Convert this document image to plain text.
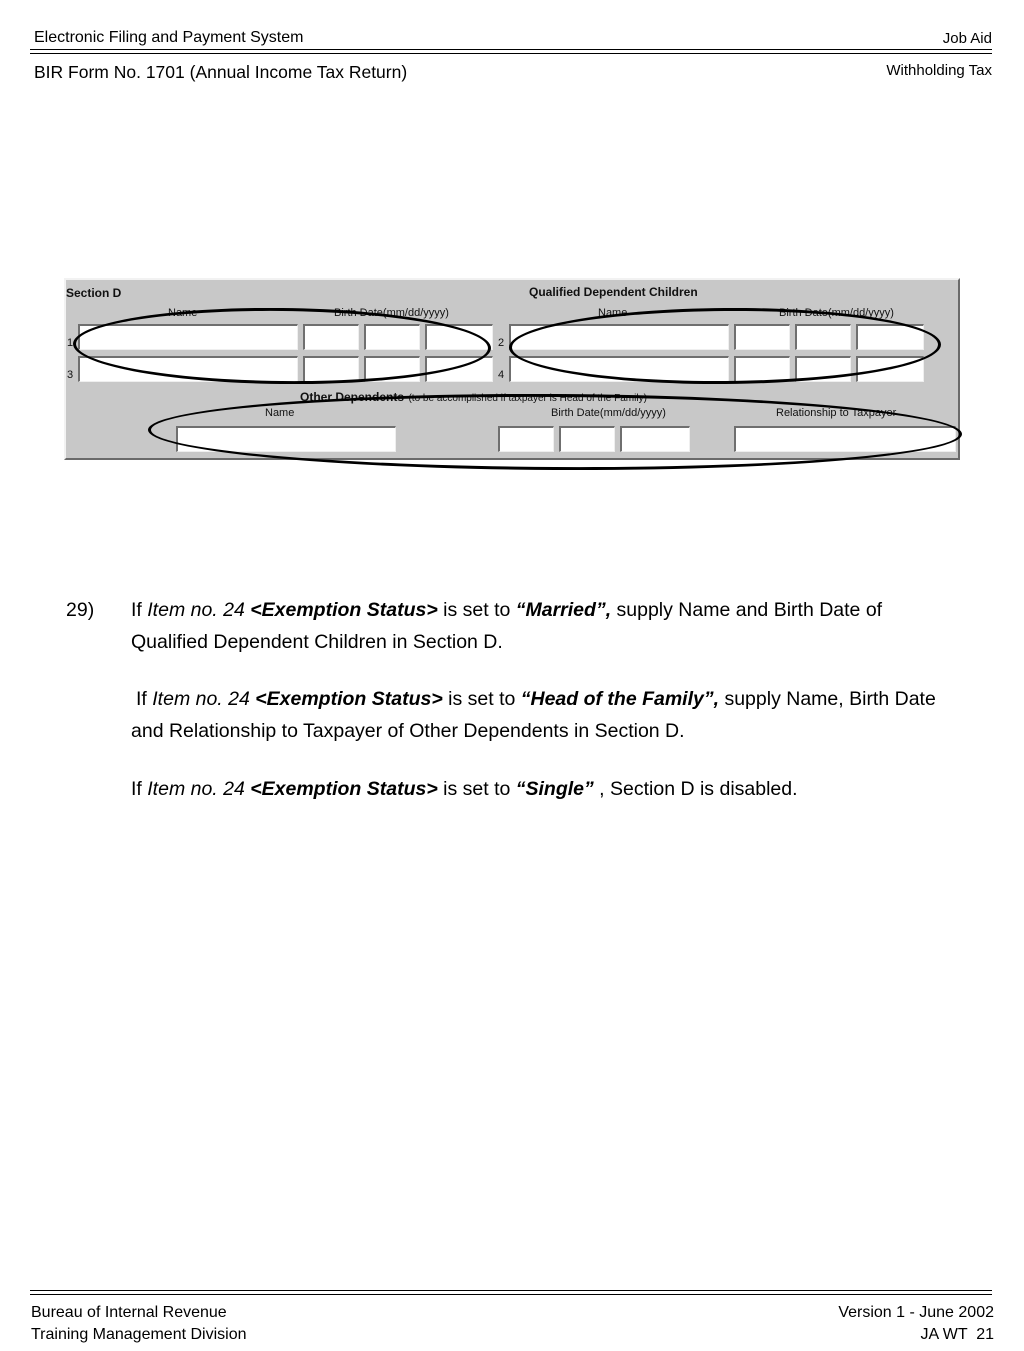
Electronic Filing and Payment System	Job Aid
BIR Form No. 1701 (Annual Income Tax Return)	Withholding Tax
Section D	Qualified Dependent Children
Name	Birth Date(mm/dd/yyyy)	Name	Birth Date(mm/dd/yyyy)
1	2
3	4
Other Dependents (to be accomplished if taxpayer is Head of the Family)
Name	Birth Date(mm/dd/yyyy)	Relationship to Taxpayer
29) If Item no. 24 <Exemption Status> is set to “Married”, supply Name and Birth Date of Qualified Dependent Children in Section D.
If Item no. 24 <Exemption Status> is set to “Head of the Family”, supply Name, Birth Date and Relationship to Taxpayer of Other Dependents in Section D.
If Item no. 24 <Exemption Status> is set to “Single” , Section D is disabled.
Bureau of Internal Revenue
Training Management Division
Version 1 - June 2002
JA WT  21
